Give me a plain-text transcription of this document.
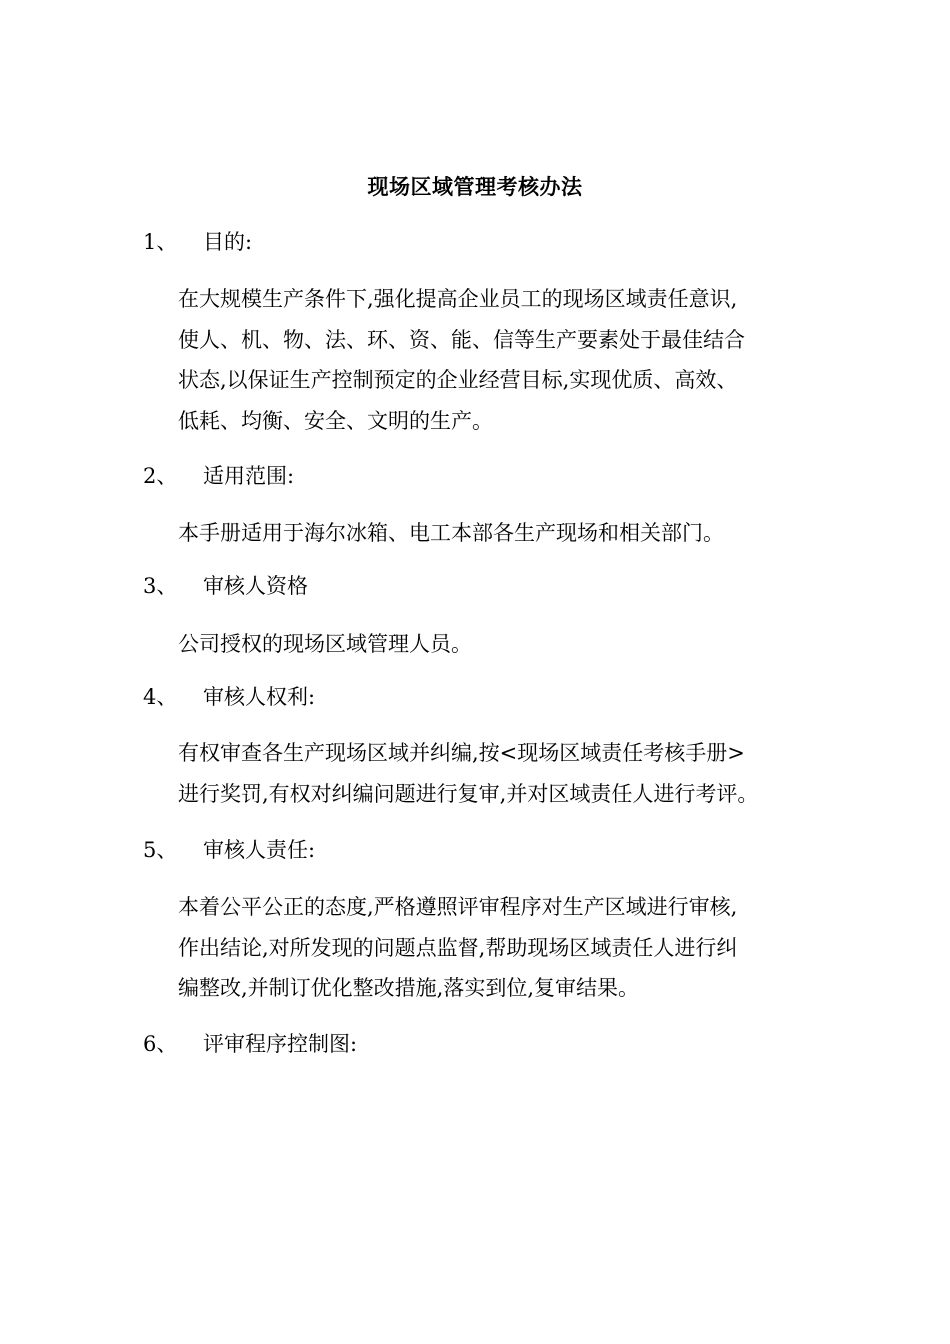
现场区域管理考核办法
1、 目的:
在大规模生产条件下,强化提高企业员工的现场区域责任意识,
使人、机、物、法、环、资、能、信等生产要素处于最佳结合
状态,以保证生产控制预定的企业经营目标,实现优质、高效、
低耗、均衡、安全、文明的生产。
2、 适用范围:
本手册适用于海尔冰箱、电工本部各生产现场和相关部门。
3、 审核人资格
公司授权的现场区域管理人员。
4、 审核人权利:
有权审查各生产现场区域并纠编,按<现场区域责任考核手册>
进行奖罚,有权对纠编问题进行复审,并对区域责任人进行考评。
5、 审核人责任:
本着公平公正的态度,严格遵照评审程序对生产区域进行审核,
作出结论,对所发现的问题点监督,帮助现场区域责任人进行纠
编整改,并制订优化整改措施,落实到位,复审结果。
6、 评审程序控制图:
